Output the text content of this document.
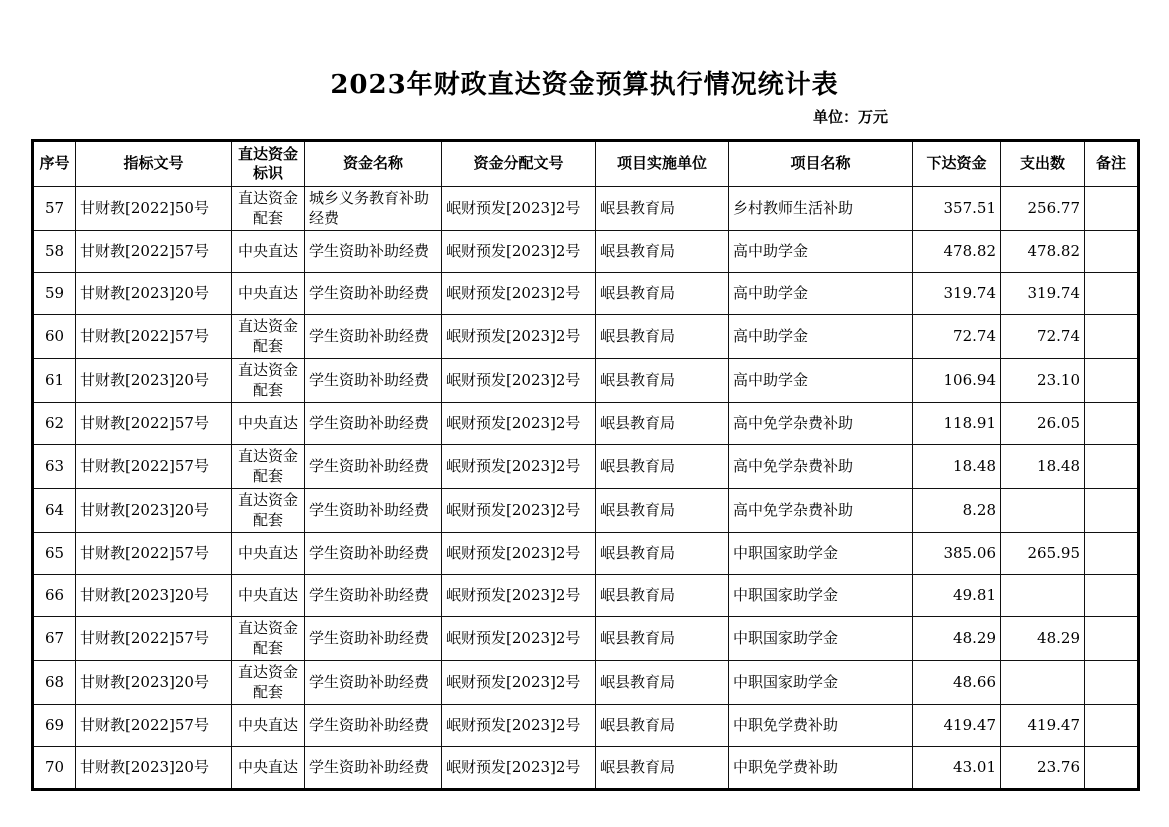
2023年财政直达资金预算执行情况统计表
单位：万元
序号	指标文号	直达资金标识	资金名称	资金分配文号	项目实施单位	项目名称	下达资金	支出数	备注
57	甘财教[2022]50号	直达资金配套	城乡义务教育补助经费	岷财预发[2023]2号	岷县教育局	乡村教师生活补助	357.51	256.77	
58	甘财教[2022]57号	中央直达	学生资助补助经费	岷财预发[2023]2号	岷县教育局	高中助学金	478.82	478.82	
59	甘财教[2023]20号	中央直达	学生资助补助经费	岷财预发[2023]2号	岷县教育局	高中助学金	319.74	319.74	
60	甘财教[2022]57号	直达资金配套	学生资助补助经费	岷财预发[2023]2号	岷县教育局	高中助学金	72.74	72.74	
61	甘财教[2023]20号	直达资金配套	学生资助补助经费	岷财预发[2023]2号	岷县教育局	高中助学金	106.94	23.10	
62	甘财教[2022]57号	中央直达	学生资助补助经费	岷财预发[2023]2号	岷县教育局	高中免学杂费补助	118.91	26.05	
63	甘财教[2022]57号	直达资金配套	学生资助补助经费	岷财预发[2023]2号	岷县教育局	高中免学杂费补助	18.48	18.48	
64	甘财教[2023]20号	直达资金配套	学生资助补助经费	岷财预发[2023]2号	岷县教育局	高中免学杂费补助	8.28		
65	甘财教[2022]57号	中央直达	学生资助补助经费	岷财预发[2023]2号	岷县教育局	中职国家助学金	385.06	265.95	
66	甘财教[2023]20号	中央直达	学生资助补助经费	岷财预发[2023]2号	岷县教育局	中职国家助学金	49.81		
67	甘财教[2022]57号	直达资金配套	学生资助补助经费	岷财预发[2023]2号	岷县教育局	中职国家助学金	48.29	48.29	
68	甘财教[2023]20号	直达资金配套	学生资助补助经费	岷财预发[2023]2号	岷县教育局	中职国家助学金	48.66		
69	甘财教[2022]57号	中央直达	学生资助补助经费	岷财预发[2023]2号	岷县教育局	中职免学费补助	419.47	419.47	
70	甘财教[2023]20号	中央直达	学生资助补助经费	岷财预发[2023]2号	岷县教育局	中职免学费补助	43.01	23.76	
